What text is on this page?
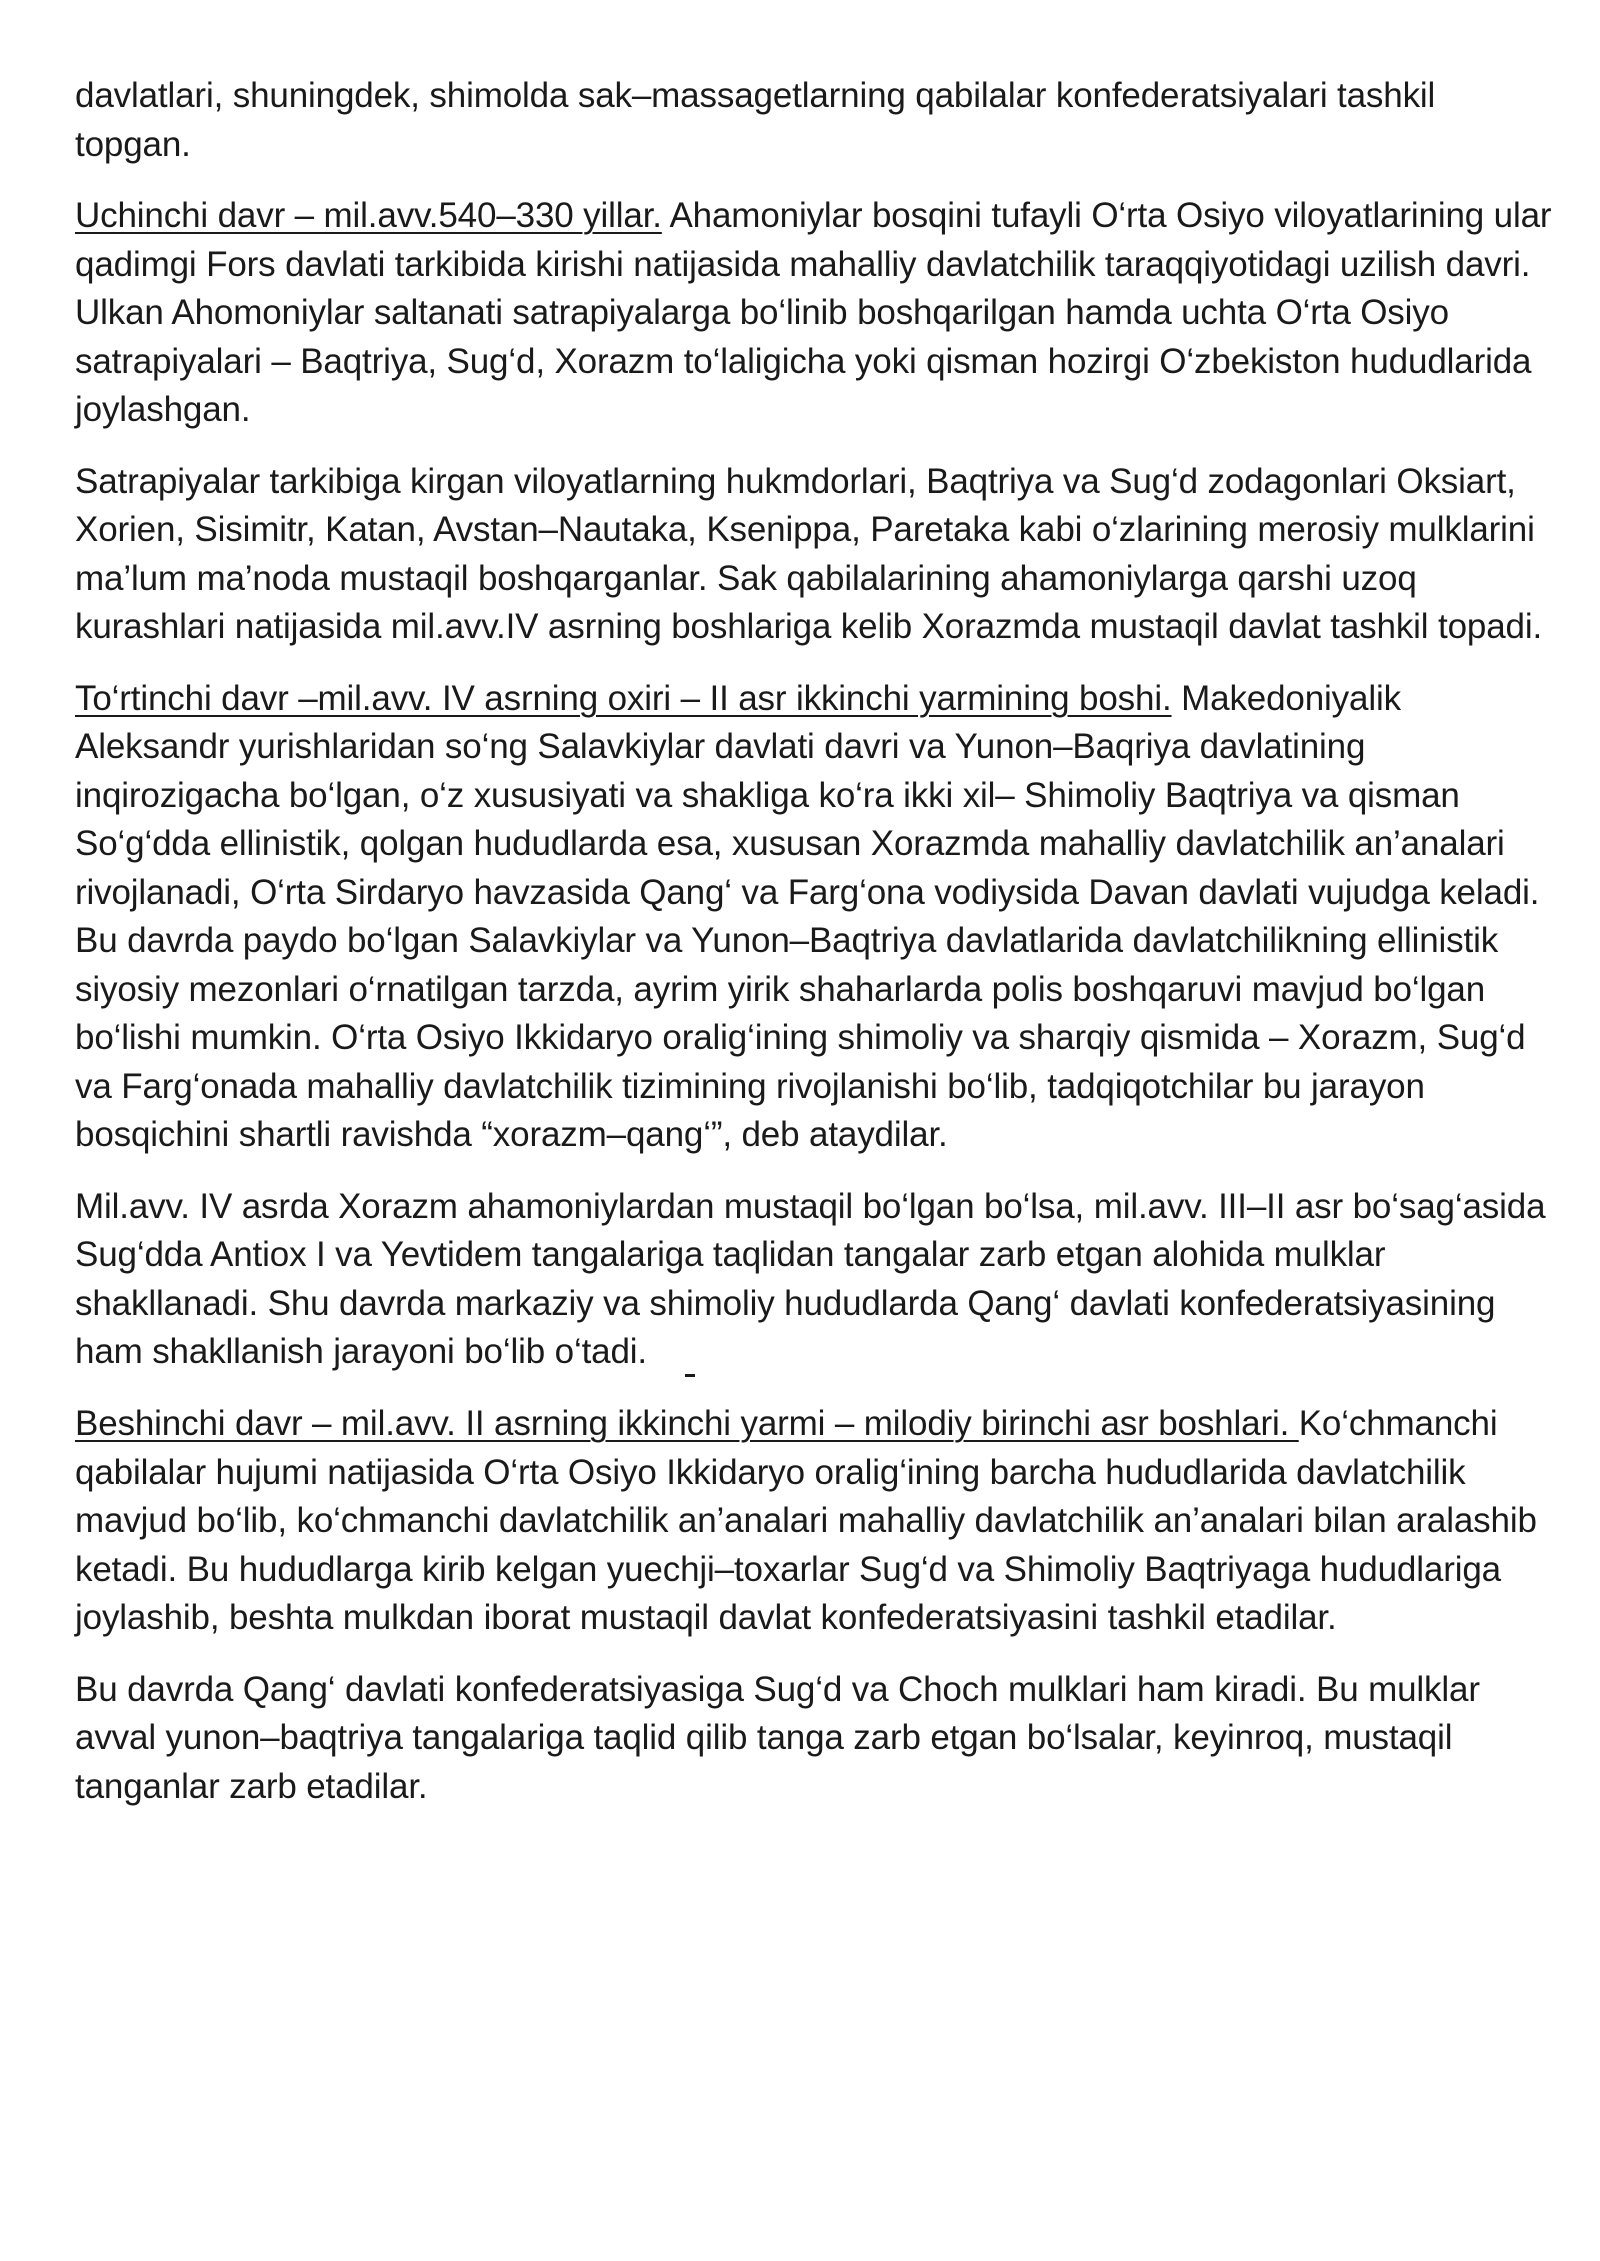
davlatlari, shuningdek, shimolda sak–massagetlarning qabilalar konfederatsiyalari tashkil topgan.

Uchinchi davr – mil.avv.540–330 yillar. Ahamoniylar bosqini tufayli O‘rta Osiyo viloyatlarining ular qadimgi Fors davlati tarkibida kirishi natijasida mahalliy davlatchilik taraqqiyotidagi uzilish davri. Ulkan Ahomoniylar saltanati satrapiyalarga bo‘linib boshqarilgan hamda uchta O‘rta Osiyo satrapiyalari – Baqtriya, Sug‘d, Xorazm to‘laligicha yoki qisman hozirgi O‘zbekiston hududlarida joylashgan.

Satrapiyalar tarkibiga kirgan viloyatlarning hukmdorlari, Baqtriya va Sug‘d zodagonlari Oksiart, Xorien, Sisimitr, Katan, Avstan–Nautaka, Ksenippa, Paretaka kabi o‘zlarining merosiy mulklarini ma’lum ma’noda mustaqil boshqarganlar. Sak qabilalarining ahamoniylarga qarshi uzoq kurashlari natijasida mil.avv.IV asrning boshlariga kelib Xorazmda mustaqil davlat tashkil topadi.

To‘rtinchi davr –mil.avv. IV asrning oxiri – II asr ikkinchi yarmining boshi. Makedoniyalik Aleksandr yurishlaridan so‘ng Salavkiylar davlati davri va Yunon–Baqriya davlatining inqirozigacha bo‘lgan, o‘z xususiyati va shakliga ko‘ra ikki xil– Shimoliy Baqtriya va qisman So‘g‘dda ellinistik, qolgan hududlarda esa, xususan Xorazmda mahalliy davlatchilik an’analari rivojlanadi, O‘rta Sirdaryo havzasida Qang‘ va Farg‘ona vodiysida Davan davlati vujudga keladi. Bu davrda paydo bo‘lgan Salavkiylar va Yunon–Baqtriya davlatlarida davlatchilikning ellinistik siyosiy mezonlari o‘rnatilgan tarzda, ayrim yirik shaharlarda polis boshqaruvi mavjud bo‘lgan bo‘lishi mumkin. O‘rta Osiyo Ikkidaryo oralig‘ining shimoliy va sharqiy qismida – Xorazm, Sug‘d va Farg‘onada mahalliy davlatchilik tizimining rivojlanishi bo‘lib, tadqiqotchilar bu jarayon bosqichini shartli ravishda “xorazm–qang‘”, deb ataydilar.

Mil.avv. IV asrda Xorazm ahamoniylardan mustaqil bo‘lgan bo‘lsa, mil.avv. III–II asr bo‘sag‘asida Sug‘dda Antiox I va Yevtidem tangalariga taqlidan tangalar zarb etgan alohida mulklar shakllanadi. Shu davrda markaziy va shimoliy hududlarda Qang‘ davlati konfederatsiyasining ham shakllanish jarayoni bo‘lib o‘tadi.

Beshinchi davr – mil.avv. II asrning ikkinchi yarmi – milodiy birinchi asr boshlari. Ko‘chmanchi qabilalar hujumi natijasida O‘rta Osiyo Ikkidaryo oralig‘ining barcha hududlarida davlatchilik mavjud bo‘lib, ko‘chmanchi davlatchilik an’analari mahalliy davlatchilik an’analari bilan aralashib ketadi. Bu hududlarga kirib kelgan yuechji–toxarlar Sug‘d va Shimoliy Baqtriyaga hududlariga joylashib, beshta mulkdan iborat mustaqil davlat konfederatsiyasini tashkil etadilar.

Bu davrda Qang‘ davlati konfederatsiyasiga Sug‘d va Choch mulklari ham kiradi. Bu mulklar avval yunon–baqtriya tangalariga taqlid qilib tanga zarb etgan bo‘lsalar, keyinroq, mustaqil tanganlar zarb etadilar.
